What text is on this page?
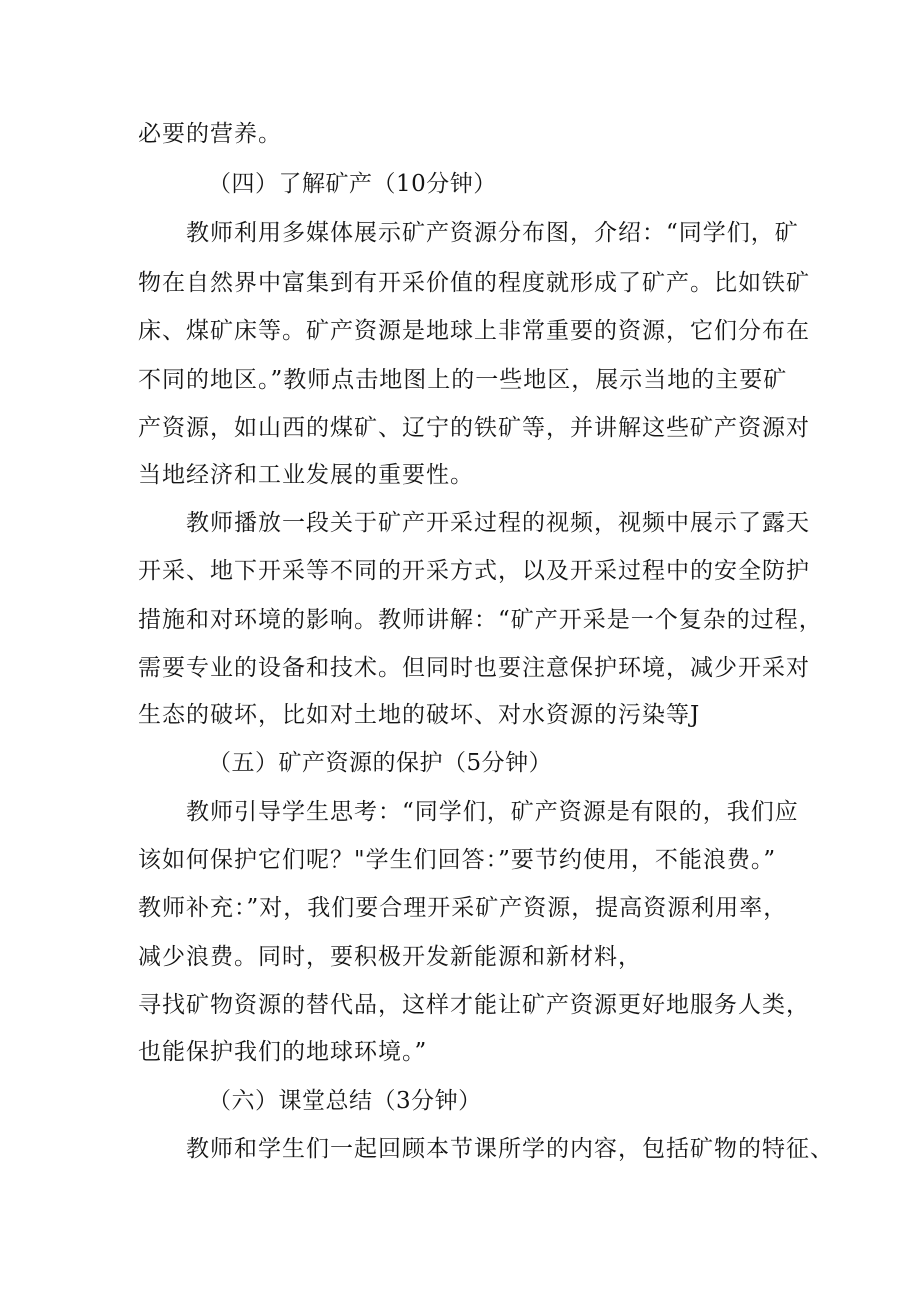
必要的营养。
（四）了解矿产（10分钟）
教师利用多媒体展示矿产资源分布图，介绍：“同学们，矿
物在自然界中富集到有开采价值的程度就形成了矿产。比如铁矿
床、煤矿床等。矿产资源是地球上非常重要的资源，它们分布在
不同的地区。”教师点击地图上的一些地区，展示当地的主要矿
产资源，如山西的煤矿、辽宁的铁矿等，并讲解这些矿产资源对
当地经济和工业发展的重要性。
教师播放一段关于矿产开采过程的视频，视频中展示了露天
开采、地下开采等不同的开采方式，以及开采过程中的安全防护
措施和对环境的影响。教师讲解：“矿产开采是一个复杂的过程，
需要专业的设备和技术。但同时也要注意保护环境，减少开采对
生态的破坏，比如对土地的破坏、对水资源的污染等J
（五）矿产资源的保护（5分钟）
教师引导学生思考：“同学们，矿产资源是有限的，我们应
该如何保护它们呢？"学生们回答：”要节约使用，不能浪费。”
教师补充：”对，我们要合理开采矿产资源，提高资源利用率，
减少浪费。同时，要积极开发新能源和新材料，
寻找矿物资源的替代品，这样才能让矿产资源更好地服务人类，
也能保护我们的地球环境。”
（六）课堂总结（3分钟）
教师和学生们一起回顾本节课所学的内容，包括矿物的特征、
